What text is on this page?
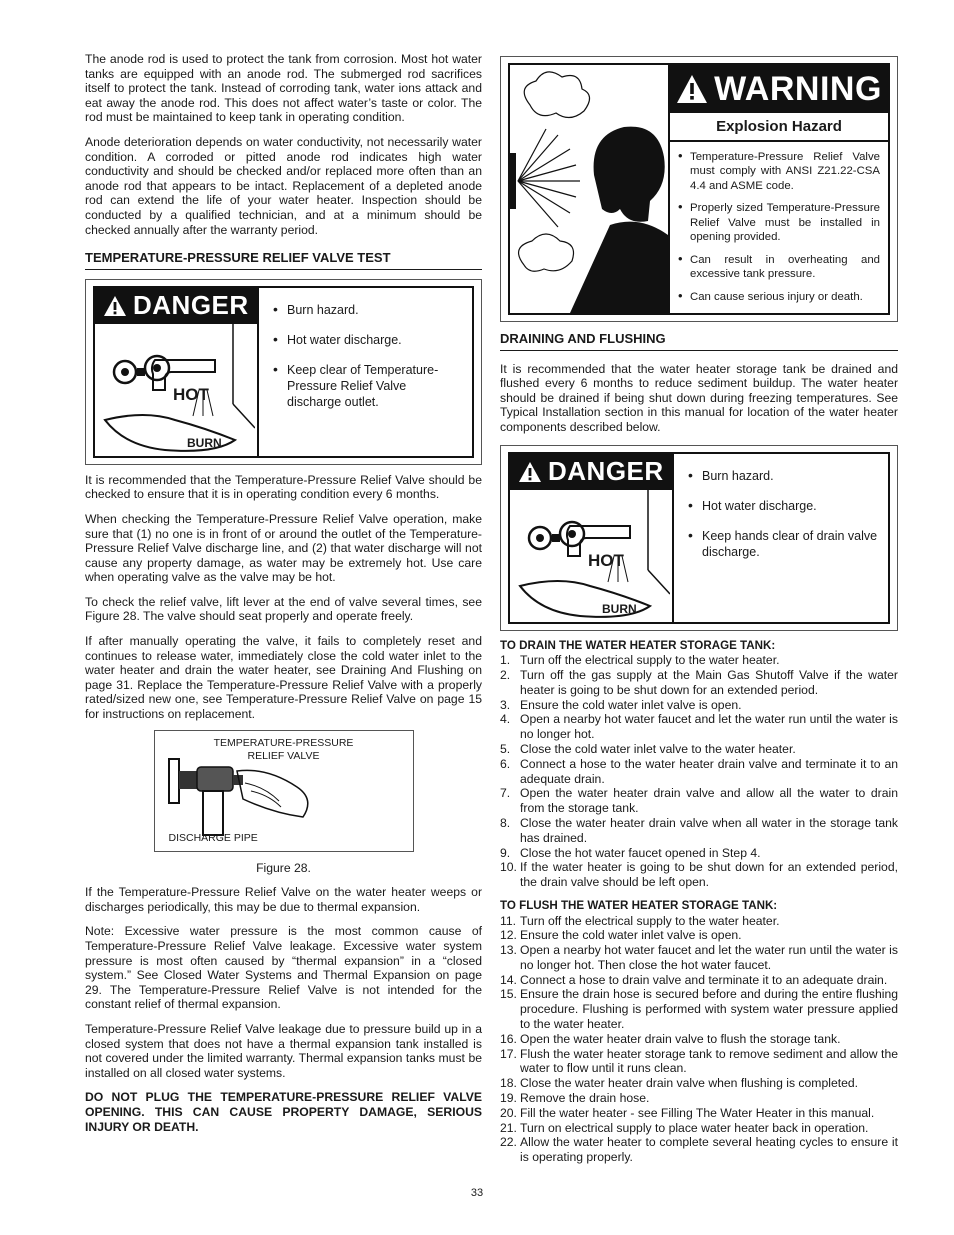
The anode rod is used to protect the tank from corrosion. Most hot water tanks are equipped with an anode rod. The submerged rod sacrifices itself to protect the tank. Instead of corroding tank, water ions attack and eat away the anode rod. This does not affect water’s taste or color. The rod must be maintained to keep tank in operating condition.

Anode deterioration depends on water conductivity, not necessarily water condition. A corroded or pitted anode rod indicates high water conductivity and should be checked and/or replaced more often than an anode rod that appears to be intact. Replacement of a depleted anode rod can extend the life of your water heater. Inspection should be conducted by a qualified technician, and at a minimum should be checked annually after the warranty period.

TEMPERATURE-PRESSURE RELIEF VALVE TEST
DANGER
HOT
BURN
• Burn hazard.
• Hot water discharge.
• Keep clear of Temperature-Pressure Relief Valve discharge outlet.

It is recommended that the Temperature-Pressure Relief Valve should be checked to ensure that it is in operating condition every 6 months.

When checking the Temperature-Pressure Relief Valve operation, make sure that (1) no one is in front of or around the outlet of the Temperature-Pressure Relief Valve discharge line, and (2) that water discharge will not cause any property damage, as water may be extremely hot. Use care when operating valve as the valve may be hot.

To check the relief valve, lift lever at the end of valve several times, see Figure 28. The valve should seat properly and operate freely.

If after manually operating the valve, it fails to completely reset and continues to release water, immediately close the cold water inlet to the water heater and drain the water heater, see Draining And Flushing on page 31. Replace the Temperature-Pressure Relief Valve with a properly rated/sized new one, see Temperature-Pressure Relief Valve on page 15 for instructions on replacement.

TEMPERATURE-PRESSURE
RELIEF VALVE
DISCHARGE PIPE
Figure 28.

If the Temperature-Pressure Relief Valve on the water heater weeps or discharges periodically, this may be due to thermal expansion.

Note: Excessive water pressure is the most common cause of Temperature-Pressure Relief Valve leakage. Excessive water system pressure is most often caused by “thermal expansion” in a “closed system.” See Closed Water Systems and Thermal Expansion on page 29. The Temperature-Pressure Relief Valve is not intended for the constant relief of thermal expansion.

Temperature-Pressure Relief Valve leakage due to pressure build up in a closed system that does not have a thermal expansion tank installed is not covered under the limited warranty. Thermal expansion tanks must be installed on all closed water systems.

DO NOT PLUG THE TEMPERATURE-PRESSURE RELIEF VALVE OPENING. THIS CAN CAUSE PROPERTY DAMAGE, SERIOUS INJURY OR DEATH.

WARNING
Explosion Hazard
• Temperature-Pressure Relief Valve must comply with ANSI Z21.22-CSA 4.4 and ASME code.
• Properly sized Temperature-Pressure Relief Valve must be installed in opening provided.
• Can result in overheating and excessive tank pressure.
• Can cause serious injury or death.
DRAINING AND FLUSHING

It is recommended that the water heater storage tank be drained and flushed every 6 months to reduce sediment buildup. The water heater should be drained if being shut down during freezing temperatures. See Typical Installation section in this manual for location of the water heater components described below.

DANGER
HOT
BURN
• Burn hazard.
• Hot water discharge.
• Keep hands clear of drain valve discharge.
TO DRAIN THE WATER HEATER STORAGE TANK:
1. Turn off the electrical supply to the water heater.
2. Turn off the gas supply at the Main Gas Shutoff Valve if the water heater is going to be shut down for an extended period.
3. Ensure the cold water inlet valve is open.
4. Open a nearby hot water faucet and let the water run until the water is no longer hot.
5. Close the cold water inlet valve to the water heater.
6. Connect a hose to the water heater drain valve and terminate it to an adequate drain.
7. Open the water heater drain valve and allow all the water to drain from the storage tank.
8. Close the water heater drain valve when all water in the storage tank has drained.
9. Close the hot water faucet opened in Step 4.
10. If the water heater is going to be shut down for an extended period, the drain valve should be left open.
TO FLUSH THE WATER HEATER STORAGE TANK:
11. Turn off the electrical supply to the water heater.
12. Ensure the cold water inlet valve is open.
13. Open a nearby hot water faucet and let the water run until the water is no longer hot. Then close the hot water faucet.
14. Connect a hose to drain valve and terminate it to an adequate drain.
15. Ensure the drain hose is secured before and during the entire flushing procedure. Flushing is performed with system water pressure applied to the water heater.
16. Open the water heater drain valve to flush the storage tank.
17. Flush the water heater storage tank to remove sediment and allow the water to flow until it runs clean.
18. Close the water heater drain valve when flushing is completed.
19. Remove the drain hose.
20. Fill the water heater - see Filling The Water Heater in this manual.
21. Turn on electrical supply to place water heater back in operation.
22. Allow the water heater to complete several heating cycles to ensure it is operating properly.
33
